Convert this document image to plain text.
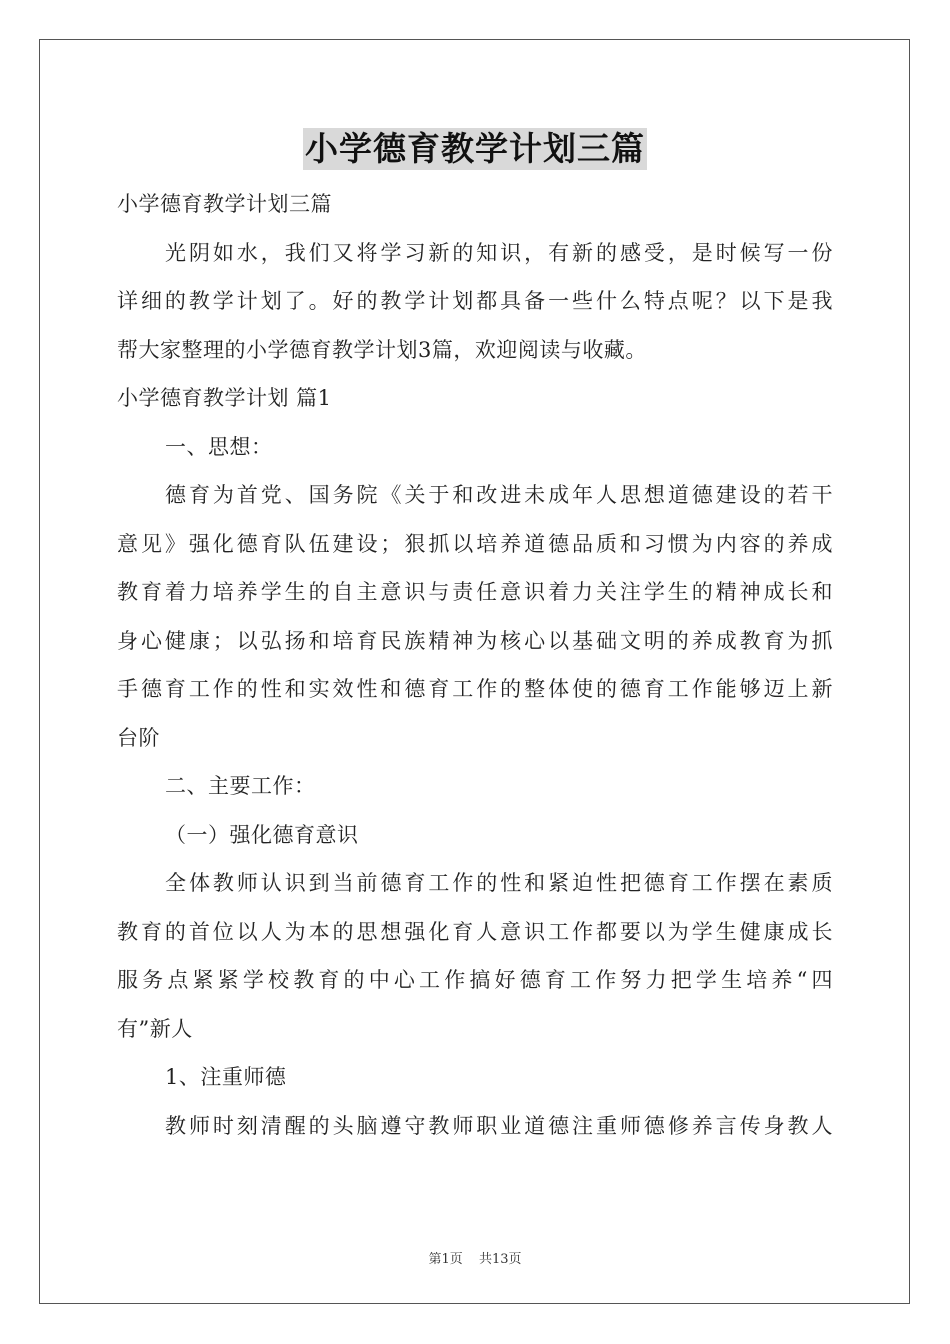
小学德育教学计划三篇
小学德育教学计划三篇
光阴如水，我们又将学习新的知识，有新的感受，是时候写一份
详细的教学计划了。好的教学计划都具备一些什么特点呢？以下是我
帮大家整理的小学德育教学计划3篇，欢迎阅读与收藏。
小学德育教学计划 篇1
一、思想：
德育为首党、国务院《关于和改进未成年人思想道德建设的若干
意见》强化德育队伍建设；狠抓以培养道德品质和习惯为内容的养成
教育着力培养学生的自主意识与责任意识着力关注学生的精神成长和
身心健康；以弘扬和培育民族精神为核心以基础文明的养成教育为抓
手德育工作的性和实效性和德育工作的整体使的德育工作能够迈上新
台阶
二、主要工作：
（一）强化德育意识
全体教师认识到当前德育工作的性和紧迫性把德育工作摆在素质
教育的首位以人为本的思想强化育人意识工作都要以为学生健康成长
服务点紧紧学校教育的中心工作搞好德育工作努力把学生培养“四
有”新人
1、注重师德
教师时刻清醒的头脑遵守教师职业道德注重师德修养言传身教人
第1页 共13页
